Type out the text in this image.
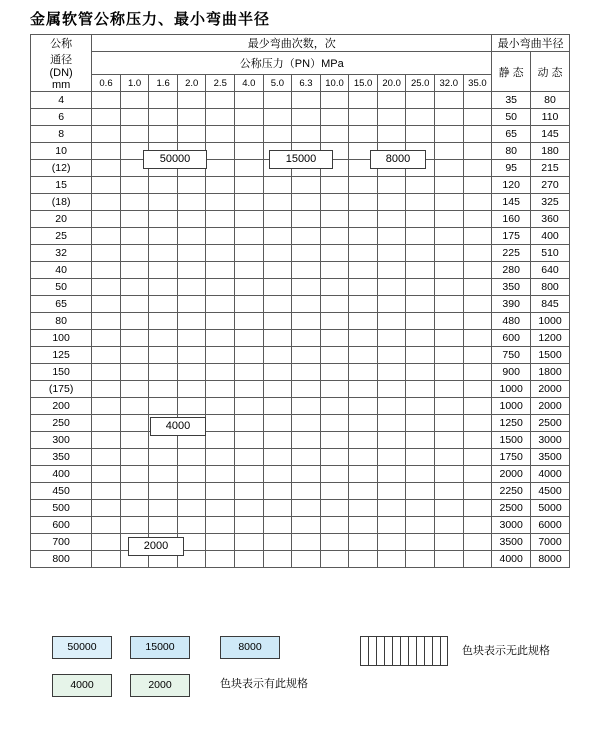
金属软管公称压力、最小弯曲半径
公称
通径
(DN)
mm	最少弯曲次数，次														最小弯曲半径	
	公称压力（PN）MPa														静 态	动 态
	0.6	1.0	1.6	2.0	2.5	4.0	5.0	6.3	10.0	15.0	20.0	25.0	32.0	35.0		
4															35	80
6															50	110
8															65	145
10															80	180
(12)															95	215
15															120	270
(18)															145	325
20															160	360
25															175	400
32															225	510
40															280	640
50															350	800
65															390	845
80															480	1000
100															600	1200
125															750	1500
150															900	1800
(175)															1000	2000
200															1000	2000
250															1250	2500
300															1500	3000
350															1750	3500
400															2000	4000
450															2250	4500
500															2500	5000
600															3000	6000
700															3500	7000
800															4000	8000
50000	15000	8000
4000
2000
50000	15000	8000	色块表示无此规格
4000	2000	色块表示有此规格
